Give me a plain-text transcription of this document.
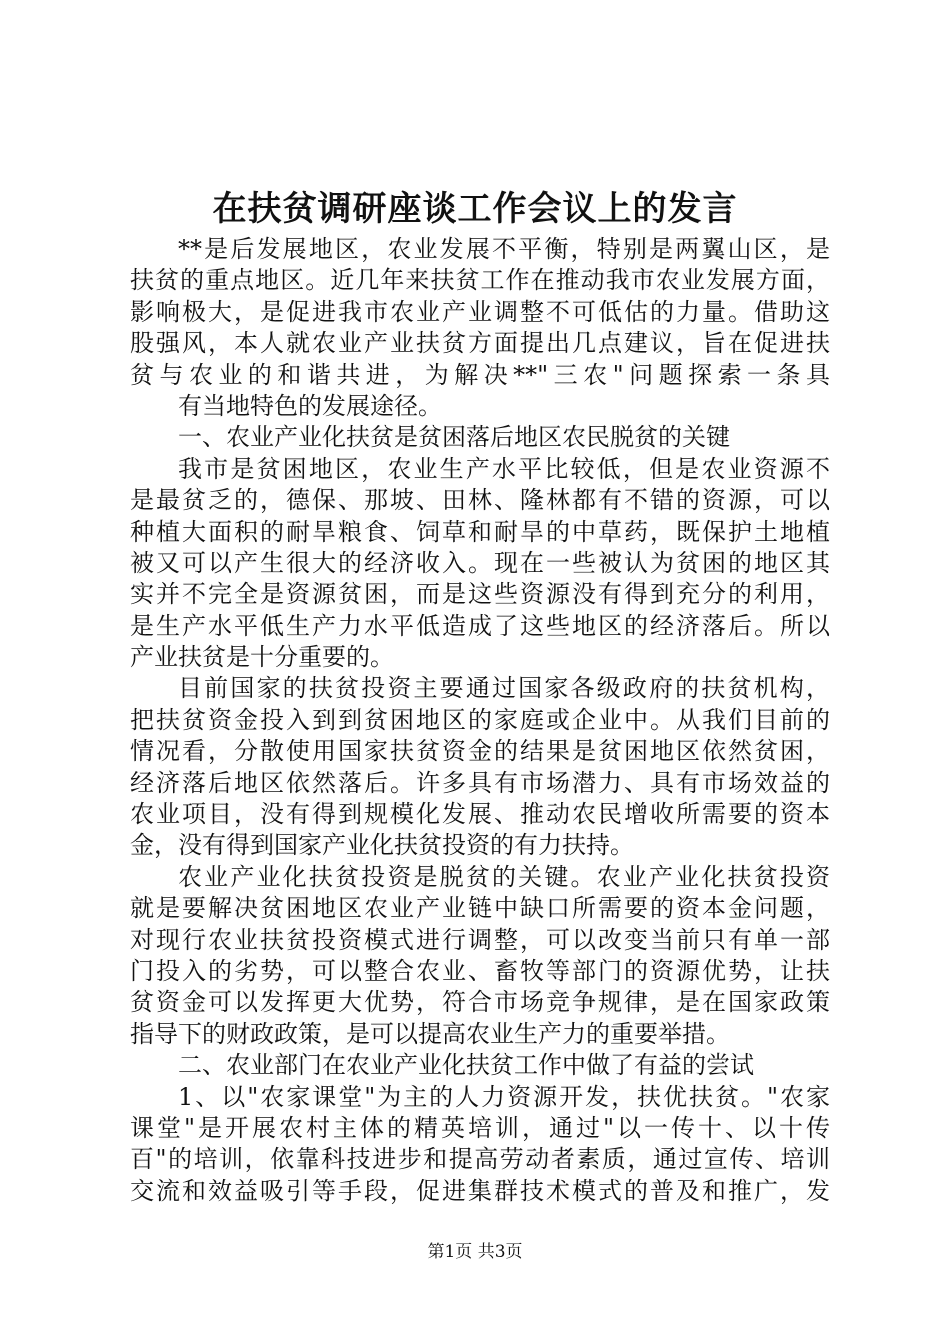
在扶贫调研座谈工作会议上的发言
**是后发展地区，农业发展不平衡，特别是两翼山区，是
扶贫的重点地区。近几年来扶贫工作在推动我市农业发展方面，
影响极大，是促进我市农业产业调整不可低估的力量。借助这
股强风，本人就农业产业扶贫方面提出几点建议，旨在促进扶
贫与农业的和谐共进，为解决**"三农"问题探索一条具
有当地特色的发展途径。
一、农业产业化扶贫是贫困落后地区农民脱贫的关键
我市是贫困地区，农业生产水平比较低，但是农业资源不
是最贫乏的，德保、那坡、田林、隆林都有不错的资源，可以
种植大面积的耐旱粮食、饲草和耐旱的中草药，既保护土地植
被又可以产生很大的经济收入。现在一些被认为贫困的地区其
实并不完全是资源贫困，而是这些资源没有得到充分的利用，
是生产水平低生产力水平低造成了这些地区的经济落后。所以
产业扶贫是十分重要的。
目前国家的扶贫投资主要通过国家各级政府的扶贫机构，
把扶贫资金投入到到贫困地区的家庭或企业中。从我们目前的
情况看，分散使用国家扶贫资金的结果是贫困地区依然贫困，
经济落后地区依然落后。许多具有市场潜力、具有市场效益的
农业项目，没有得到规模化发展、推动农民增收所需要的资本
金，没有得到国家产业化扶贫投资的有力扶持。
农业产业化扶贫投资是脱贫的关键。农业产业化扶贫投资
就是要解决贫困地区农业产业链中缺口所需要的资本金问题，
对现行农业扶贫投资模式进行调整，可以改变当前只有单一部
门投入的劣势，可以整合农业、畜牧等部门的资源优势，让扶
贫资金可以发挥更大优势，符合市场竞争规律，是在国家政策
指导下的财政政策，是可以提高农业生产力的重要举措。
二、农业部门在农业产业化扶贫工作中做了有益的尝试
1、以"农家课堂"为主的人力资源开发，扶优扶贫。"农家
课堂"是开展农村主体的精英培训，通过"以一传十、以十传
百"的培训，依靠科技进步和提高劳动者素质，通过宣传、培训
交流和效益吸引等手段，促进集群技术模式的普及和推广，发
第1页 共3页
